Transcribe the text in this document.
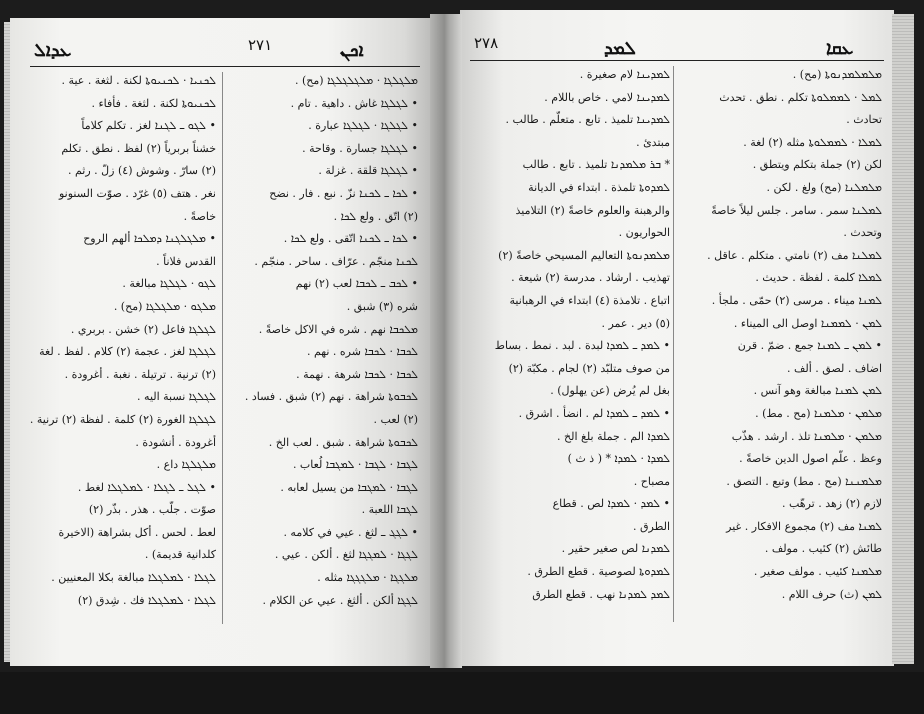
ܥܕܐܠ	٢٧١	ܐܟܢ	٢٧٨	ܠܡܕ	ܥܩܐ
ܠܟܢܝܐ · ܠܟܢܝܘܬܐ لكنة . لثغة . عية .
ܠܟܢܝܘܬܐ لكنة . لثغة . فأفاء .
• ܠܓܘ ـ ܠܓܢܐ لغز . تكلم كلاماً
خشناً بربرياً (٢) لفظ . نطق . تكلم
(٢) سارّ . وشوش (٤) زلّ . رثم .
نغر . هتف (٥) غرّد . صوّت السنونو
خاصةً .
• ܡܠܓܠܓܢܐ ܕܡܠܟܐ ألهم الروح
القدس فلاناً .
ܠܓܘ · ܠܓܠܓܐ مبالغة .
ܡܠܓܘ · ܡܠܓܠܓܐ (مح) .
ܠܓܠܓܐ فاعل (٢) خشن . بربري .
ܠܓܠܓܐ لغز . عجمة (٢) كلام . لفظ . لغة
(٢) ترنية . ترتيلة . نغبة . أغرودة .
ܠܓܠܓܐ نسبة اليه .
ܠܓܠܓܐ الغورة (٢) كلمة . لفظة (٢) ترنية .
أغرودة . أنشودة .
ܡܠܓܠܓܐ داع .
• ܠܓܠ ـ ܠܓܠܐ · ܠܡܠܓܠܐ لغط .
صوّت . جلّب . هذر . بذّر (٢)
لعط . لحس . أكل بشراهة (الاخيرة
كلدانية قديمة) .
ܠܓܠܐ · ܠܡܠܓܠܐ مبالغة بكلا المعنيين .
ܠܓܠܐ · ܠܡܠܓܠܐ فك . شِدق (٢)
ܡܠܓܠܓܐ · ܡܠܓܠܓܠܓܐ (مح) .
• ܠܓܠܓܐ غاش . داهية . تام .
• ܠܓܠܓܐ · ܠܓܠܓܐ عبارة .
• ܠܓܠܓܐ جسارة . وقاحة .
• ܠܓܠܓܐ قلقة . غزلة .
• ܠܟܐ ـ ܠܟܢܐ نزّ . نبع . فار . نضح
(٢) اتّق . ولع ܠܟܐ .
• ܠܟܐ ـ ܠܟܢܐ اتّقى . ولع ܠܟܐ .
ܠܟܢܐ منجّم . عرّاف . ساحر . منجّم .
• ܠܟܒ ـ ܠܟܒܐ لعب (٢) نهم
شره (٣) شبق .
ܡܠܟܒܐ نهم . شره في الاكل خاصةً .
ܠܟܒܐ · ܠܟܒܐ شره . نهم .
ܠܟܒܐ · ܠܟܒܐ شرهة . نهمة .
ܠܟܒܘܬܐ شراهة . نهم (٢) شبق . فساد .
(٢) لعب .
ܠܟܒܘܬܐ شراهة . شبق . لعب الخ .
ܠܓܒܐ · ܠܓܒܐ · ܠܡܓܒܐ لُعاب .
ܠܓܒܐ · ܠܡܓܒܐ من يسيل لعابه .
ܠܓܒܐ اللعبة .
• ܠܓܓ ـ لثغ . عيي في كلامه .
ܠܓܓܐ · ܠܡܓܓܐ لثغ . ألكن . عيي .
ܡܠܓܓܐ · ܡܠܓܓܓܐ مثله .
ܠܓܓܐ ألكن . ألثغ . عيي عن الكلام .
ܠܡܕܝܢܐ لام صغيرة .
ܠܡܕܝܢܐ لامي . خاص باللام .
ܠܡܕܝܢܐ تلميذ . تابع . متعلّم . طالب .
مبتدئ .
* ܒܪ ܡܠܡܕܢܐ تلميذ . تابع . طالب
ܠܡܕܘܬܐ تلمذة . ابتداء في الديانة
والرهبنة والعلوم خاصةً (٢) التلاميذ
الحواريون .
ܡܠܡܕܢܘܬܐ التعاليم المسيحي خاصةً (٢)
تهذيب . ارشاد . مدرسة (٢) شيعة .
اتباع . تلامذة (٤) ابتداء في الرهبانية
(٥) دير . عمر .
• ܠܡܕ ـ ܠܡܕܐ لبدة . لبد . نمط . بساط
من صوف متلبّد (٢) لجام . مكبّة (٢)
بغل لم يُرض (عن يهلول) .
• ܠܡܕ ـ ܠܡܕܐ لم . انضأ . اشرق .
ܠܡܕܐ الم . جملة بلغ الخ .
ܠܡܕܐ · ܠܡܕܐ * ( ذ ث )
مصباح .
• ܠܡܕ · ܠܡܕܐ لص . قطاع
الطرق .
ܠܡܕܢܐ لص صغير حقير .
ܠܡܕܘܬܐ لصوصية . قطع الطرق .
ܠܡܕ ܠܡܕܢܐ نهب . قطع الطرق
ܡܠܡܠܡܕܢܘܬܐ (مح) .
ܠܡܠ · ܠܡܡܠܘܬܐ تكلم . نطق . تحدث
تحادث .
ܠܡܠܐ · ܠܡܡܠܘܬܐ مثله (٢) لغة .
لكن (٢) جملة بتكلم ويتطق .
ܡܠܡܠܢܐ (مح) ولغ . لكن .
ܠܡܠܢܐ سمر . سامر . جلس ليلاً خاصةً
وتحدث .
ܠܡܠܢܐ مف (٢) نامتي . متكلم . عاقل .
ܠܡܠܐ كلمة . لفظة . حديث .
ܠܡܢܐ ميناء . مرسى (٢) حمّى . ملجأ .
ܠܡܢ · ܠܡܡܢܐ اوصل الى الميناء .
• ܠܡܢ ـ ܠܡܢܐ جمع . ضمّ . قرن
اضاف . لصق . ألف .
ܠܡܢ ܠܡܢܐ مبالغة وهو آنس .
ܡܠܡܢ · ܡܠܡܢܐ (مح . مط) .
ܡܠܡܢ · ܡܠܡܢܐ تلذ . ارشد . هذّب
وعظ . علّم اصول الدين خاصةً .
ܡܠܡܢܢܐ (مح . مط) وتبع . التصق .
لازم (٢) زهد . ترهّب .
ܠܡܢܐ مف (٢) مجموع الافكار . غير
طائش (٢) كئيب . مولف .
ܡܠܡܢܐ كئيب . مولف صغير .
ܠܡܢ (ث) حرف اللام .
